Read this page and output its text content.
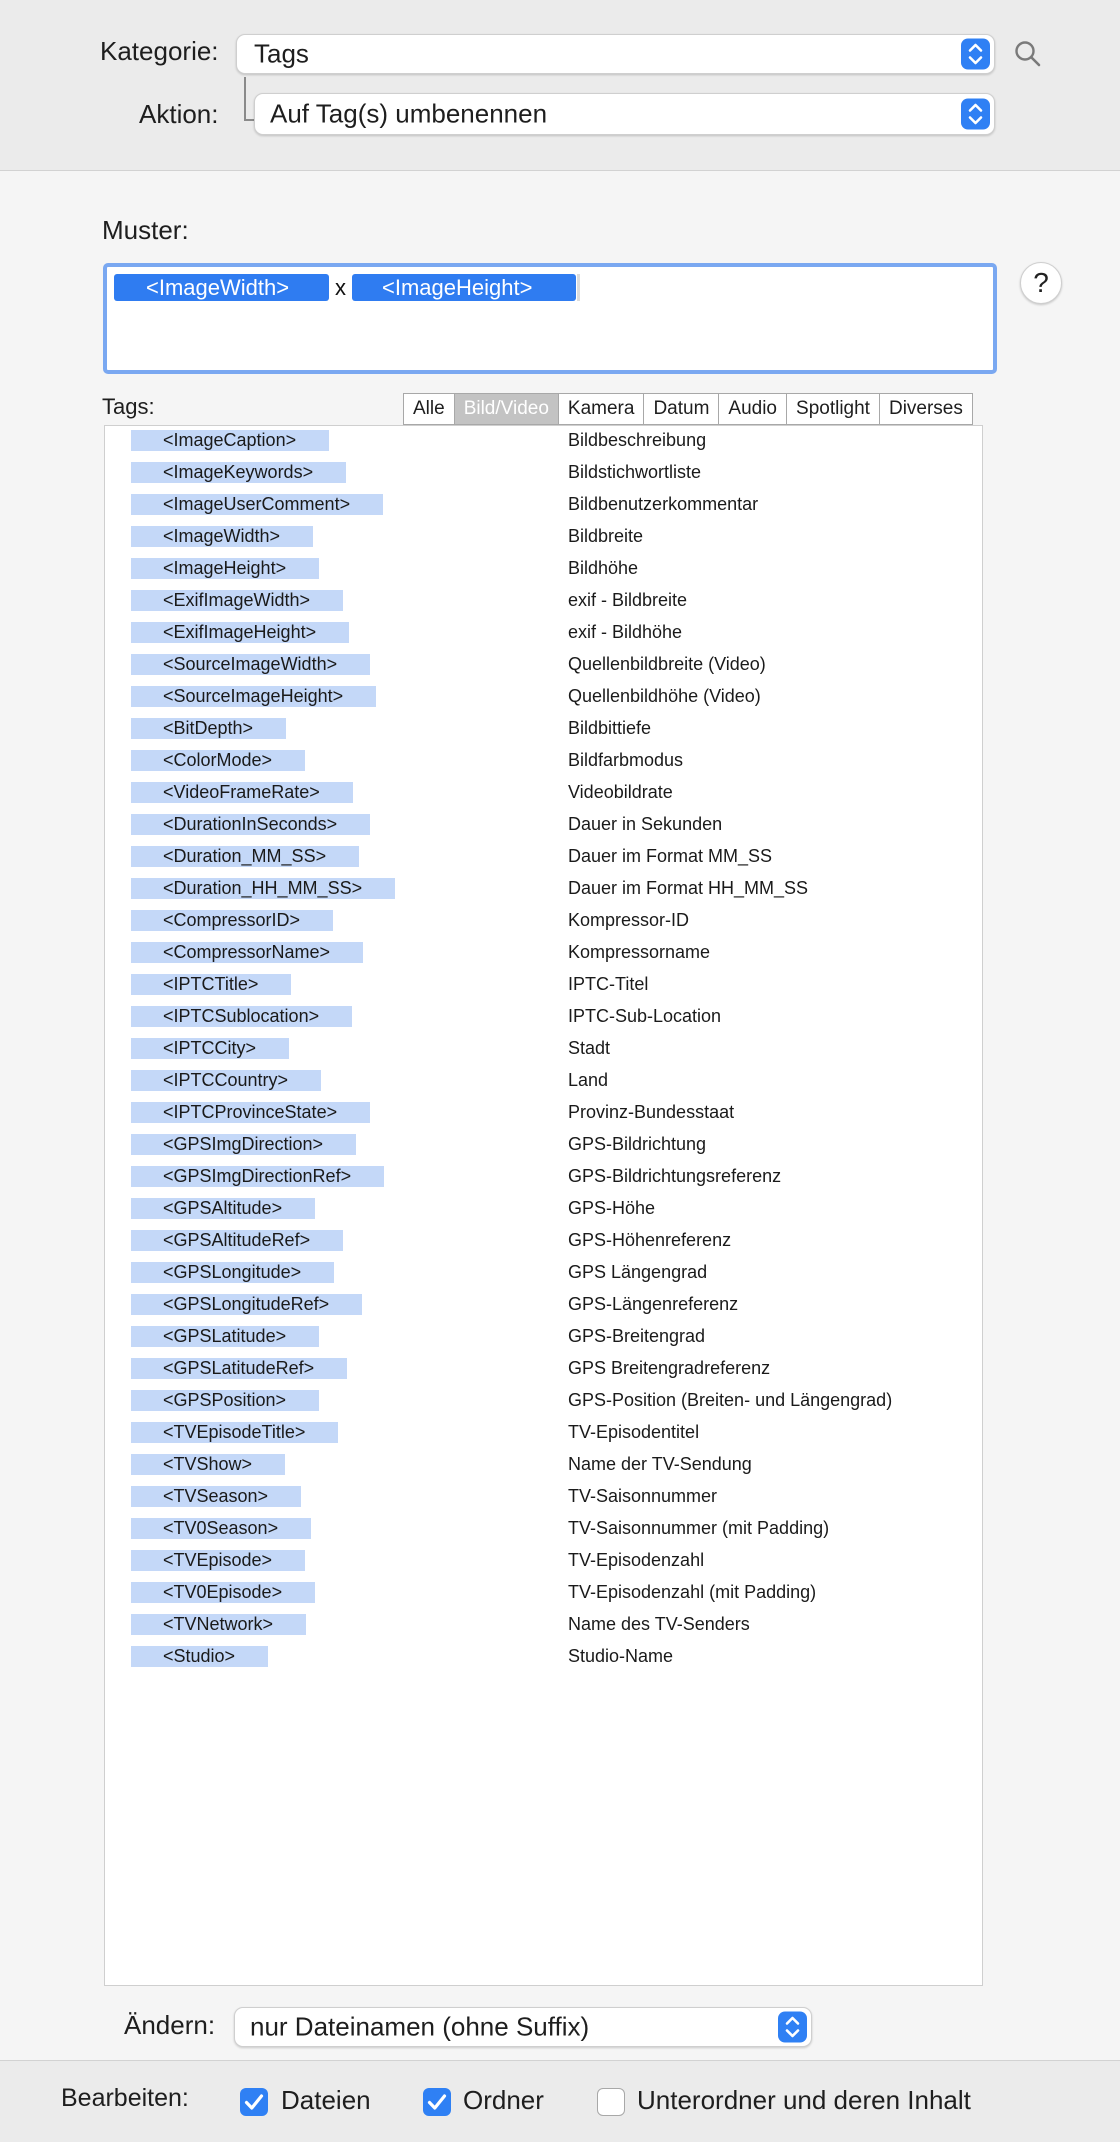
Kategorie: Tags
Aktion: Auf Tag(s) umbenennen
Muster:
<ImageWidth>	x	<ImageHeight>	?
Tags:	Alle	Bild/Video	Kamera	Datum	Audio	Spotlight	Diverses
<ImageCaption>	Bildbeschreibung
<ImageKeywords>	Bildstichwortliste
<ImageUserComment>	Bildbenutzerkommentar
<ImageWidth>	Bildbreite
<ImageHeight>	Bildhöhe
<ExifImageWidth>	exif - Bildbreite
<ExifImageHeight>	exif - Bildhöhe
<SourceImageWidth>	Quellenbildbreite (Video)
<SourceImageHeight>	Quellenbildhöhe (Video)
<BitDepth>	Bildbittiefe
<ColorMode>	Bildfarbmodus
<VideoFrameRate>	Videobildrate
<DurationInSeconds>	Dauer in Sekunden
<Duration_MM_SS>	Dauer im Format MM_SS
<Duration_HH_MM_SS>	Dauer im Format HH_MM_SS
<CompressorID>	Kompressor-ID
<CompressorName>	Kompressorname
<IPTCTitle>	IPTC-Titel
<IPTCSublocation>	IPTC-Sub-Location
<IPTCCity>	Stadt
<IPTCCountry>	Land
<IPTCProvinceState>	Provinz-Bundesstaat
<GPSImgDirection>	GPS-Bildrichtung
<GPSImgDirectionRef>	GPS-Bildrichtungsreferenz
<GPSAltitude>	GPS-Höhe
<GPSAltitudeRef>	GPS-Höhenreferenz
<GPSLongitude>	GPS Längengrad
<GPSLongitudeRef>	GPS-Längenreferenz
<GPSLatitude>	GPS-Breitengrad
<GPSLatitudeRef>	GPS Breitengradreferenz
<GPSPosition>	GPS-Position (Breiten- und Längengrad)
<TVEpisodeTitle>	TV-Episodentitel
<TVShow>	Name der TV-Sendung
<TVSeason>	TV-Saisonnummer
<TV0Season>	TV-Saisonnummer (mit Padding)
<TVEpisode>	TV-Episodenzahl
<TV0Episode>	TV-Episodenzahl (mit Padding)
<TVNetwork>	Name des TV-Senders
<Studio>	Studio-Name
Ändern: nur Dateinamen (ohne Suffix)
Bearbeiten:	Dateien	Ordner	Unterordner und deren Inhalt
